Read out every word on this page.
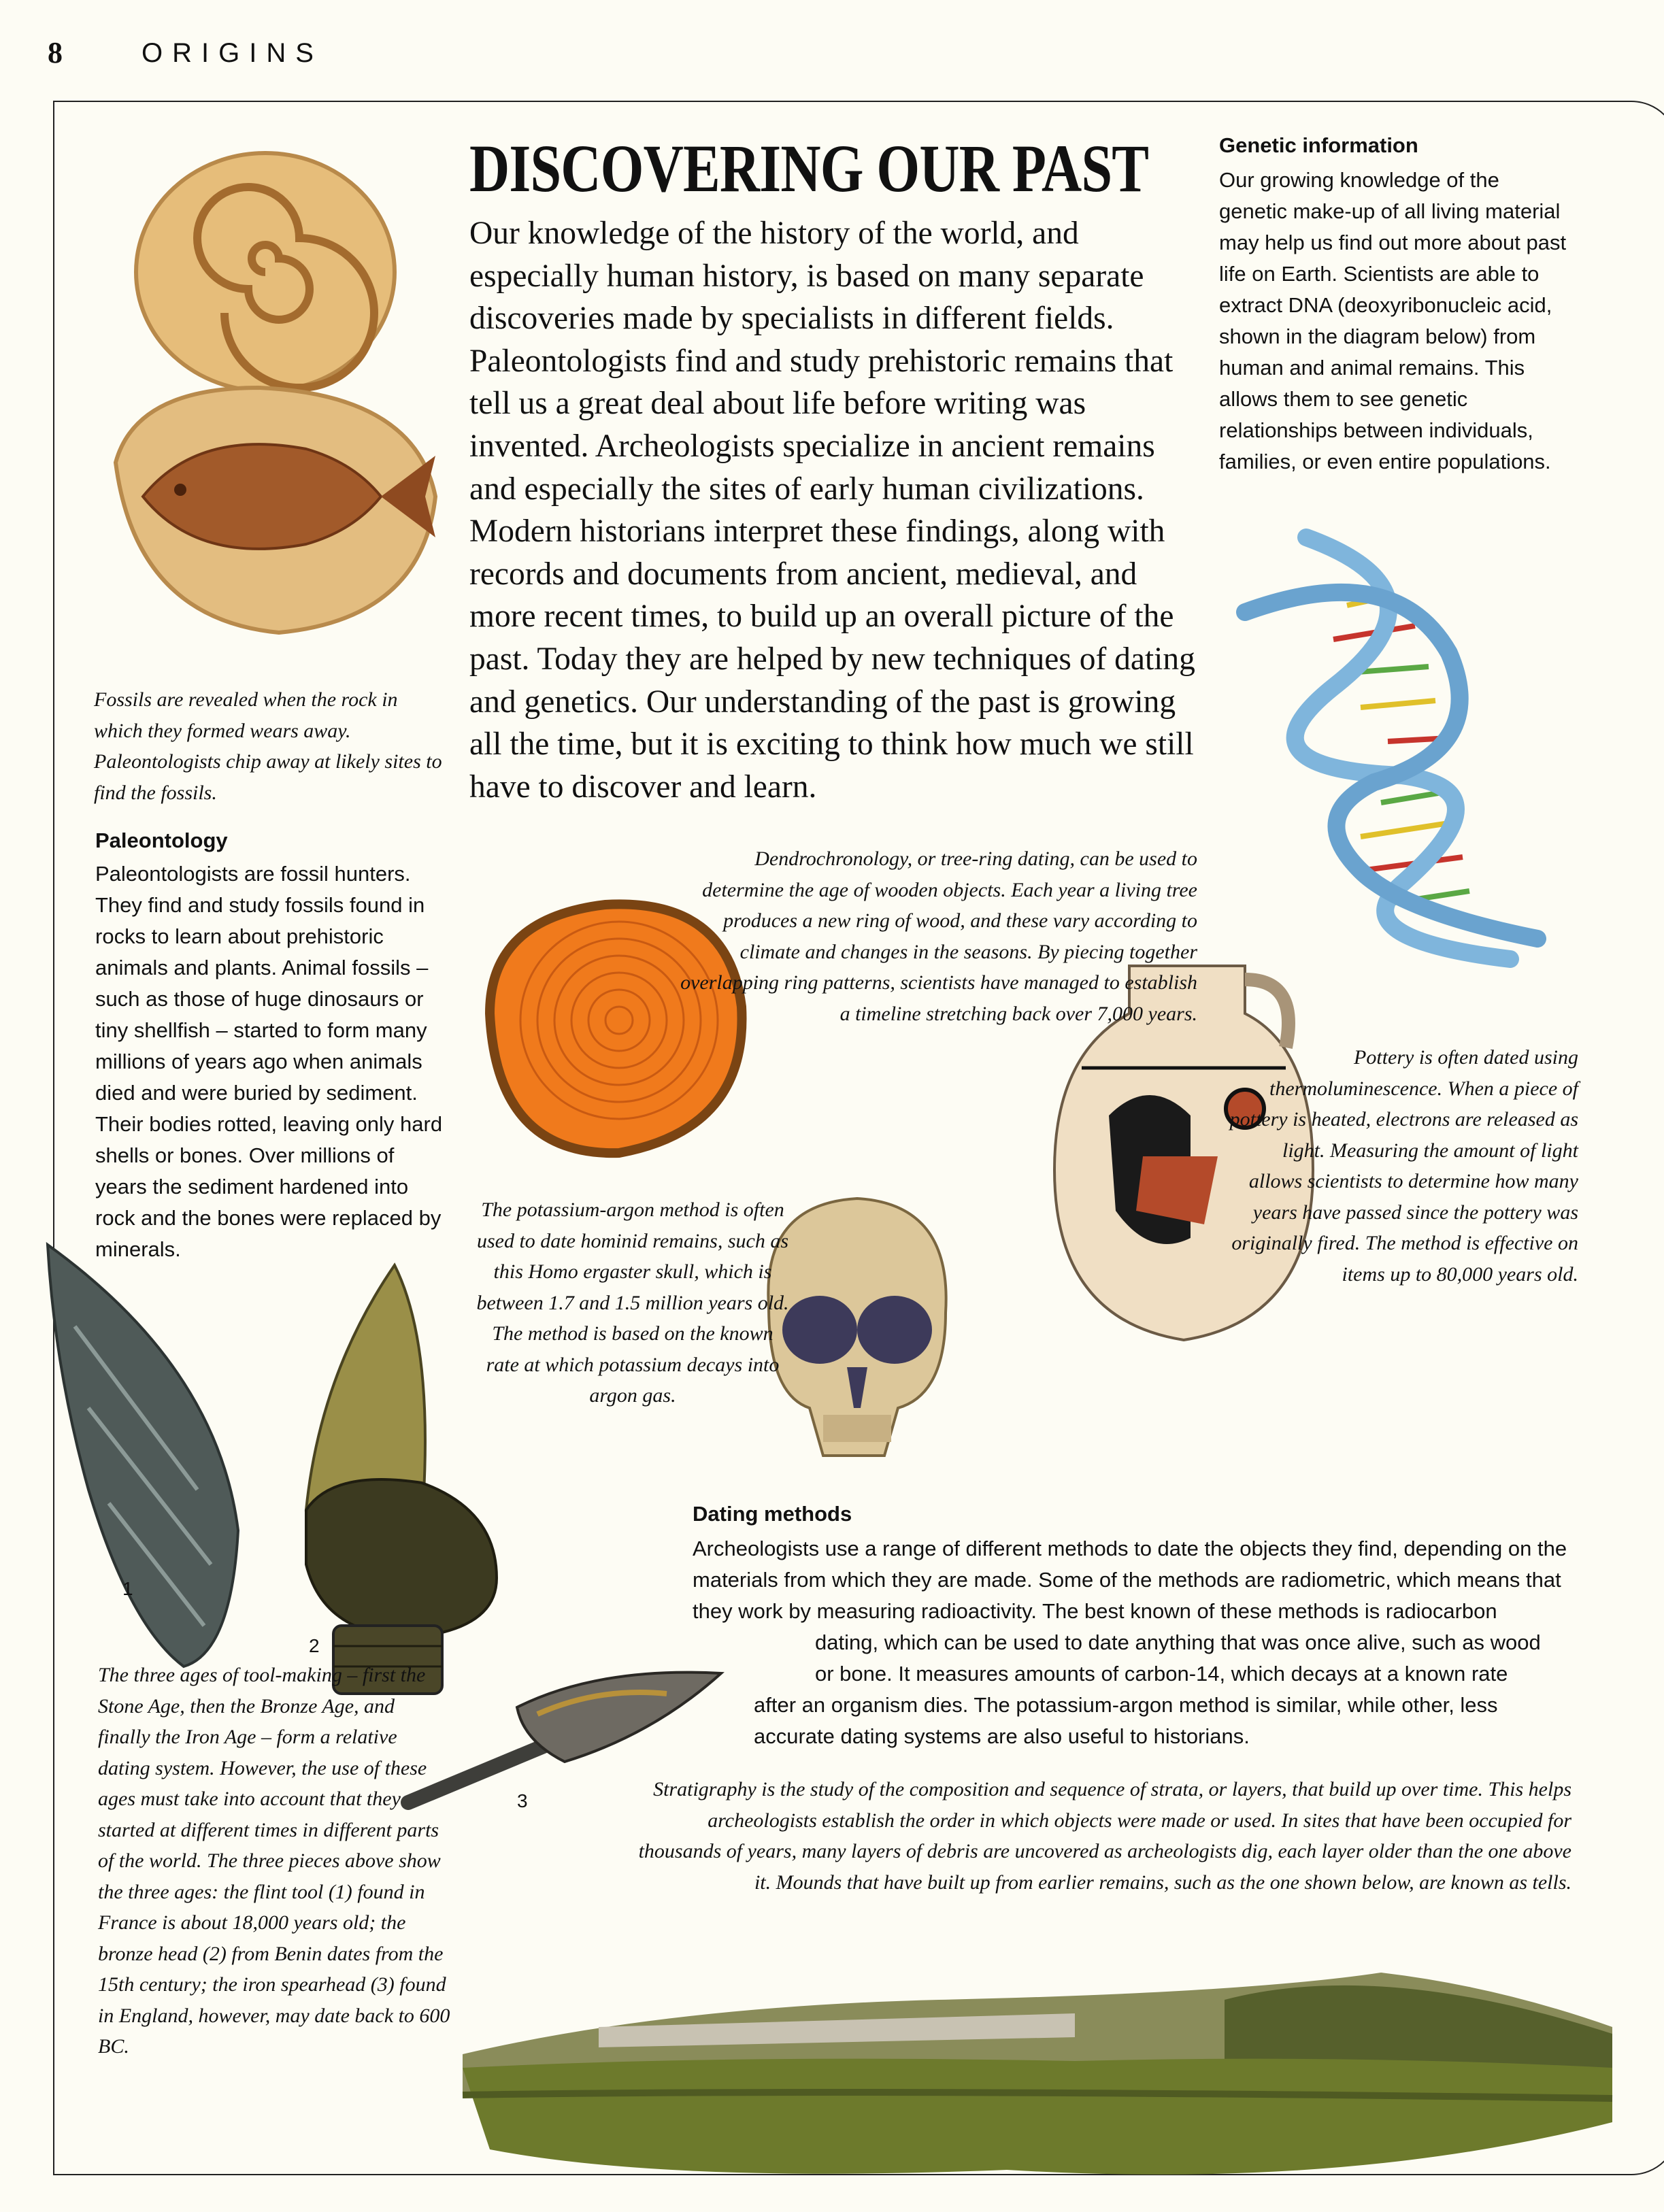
8	ORIGINS
1
2
3
DISCOVERING OUR PAST
Our knowledge of the history of the world, and especially human history, is based on many separate discoveries made by specialists in different fields. Paleontologists find and study prehistoric remains that tell us a great deal about life before writing was invented. Archeologists specialize in ancient remains and especially the sites of early human civilizations. Modern historians interpret these findings, along with records and documents from ancient, medieval, and more recent times, to build up an overall picture of the past. Today they are helped by new techniques of dating and genetics. Our understanding of the past is growing all the time, but it is exciting to think how much we still have to discover and learn.
Genetic information
Our growing knowledge of the genetic make-up of all living material may help us find out more about past life on Earth. Scientists are able to extract DNA (deoxyribonucleic acid, shown in the diagram below) from human and animal remains. This allows them to see genetic relationships between individuals, families, or even entire populations.
Fossils are revealed when the rock in which they formed wears away. Paleontologists chip away at likely sites to find the fossils.
Paleontology
Paleontologists are fossil hunters. They find and study fossils found in rocks to learn about prehistoric animals and plants. Animal fossils – such as those of huge dinosaurs or tiny shellfish – started to form many millions of years ago when animals died and were buried by sediment. Their bodies rotted, leaving only hard shells or bones. Over millions of years the sediment hardened into rock and the bones were replaced by minerals.
Dendrochronology, or tree-ring dating, can be used to determine the age of wooden objects. Each year a living tree produces a new ring of wood, and these vary according to climate and changes in the seasons. By piecing together overlapping ring patterns, scientists have managed to establish a timeline stretching back over 7,000 years.
Pottery is often dated using thermoluminescence. When a piece of pottery is heated, electrons are released as light. Measuring the amount of light allows scientists to determine how many years have passed since the pottery was originally fired. The method is effective on items up to 80,000 years old.
The potassium-argon method is often used to date hominid remains, such as this Homo ergaster skull, which is between 1.7 and 1.5 million years old. The method is based on the known rate at which potassium decays into argon gas.
Dating methods
Archeologists use a range of different methods to date the objects they find, depending on the materials from which they are made. Some of the methods are radiometric, which means that they work by measuring radioactivity. The best known of these methods is radiocarbon
dating, which can be used to date anything that was once alive, such as wood
or bone. It measures amounts of carbon-14, which decays at a known rate
after an organism dies. The potassium-argon method is similar, while other, less accurate dating systems are also useful to historians.
Stratigraphy is the study of the composition and sequence of strata, or layers, that build up over time. This helps archeologists establish the order in which objects were made or used. In sites that have been occupied for thousands of years, many layers of debris are uncovered as archeologists dig, each layer older than the one above it. Mounds that have built up from earlier remains, such as the one shown below, are known as tells.
The three ages of tool-making – first the Stone Age, then the Bronze Age, and finally the Iron Age – form a relative dating system. However, the use of these ages must take into account that they started at different times in different parts of the world. The three pieces above show the three ages: the flint tool (1) found in France is about 18,000 years old; the bronze head (2) from Benin dates from the 15th century; the iron spearhead (3) found in England, however, may date back to 600 BC.
